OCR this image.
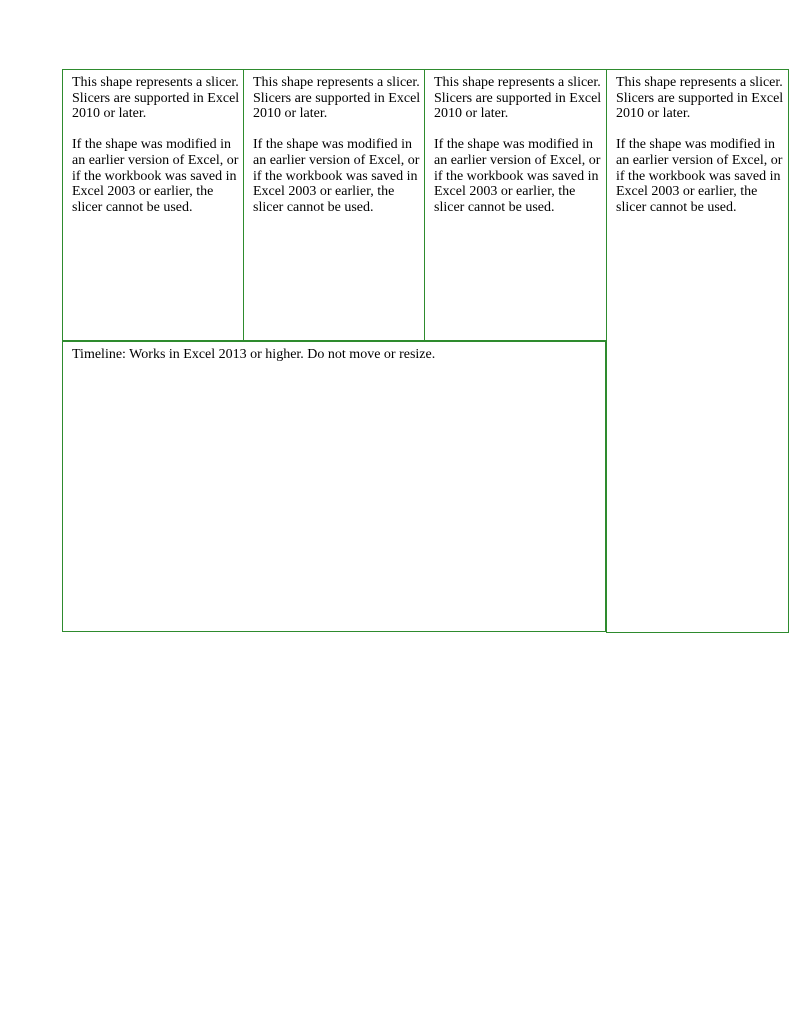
This shape represents a slicer. Slicers are supported in Excel 2010 or later.

If the shape was modified in an earlier version of Excel, or if the workbook was saved in Excel 2003 or earlier, the slicer cannot be used.

This shape represents a slicer. Slicers are supported in Excel 2010 or later.

If the shape was modified in an earlier version of Excel, or if the workbook was saved in Excel 2003 or earlier, the slicer cannot be used.

This shape represents a slicer. Slicers are supported in Excel 2010 or later.

If the shape was modified in an earlier version of Excel, or if the workbook was saved in Excel 2003 or earlier, the slicer cannot be used.

This shape represents a slicer. Slicers are supported in Excel 2010 or later.

If the shape was modified in an earlier version of Excel, or if the workbook was saved in Excel 2003 or earlier, the slicer cannot be used.

Timeline: Works in Excel 2013 or higher. Do not move or resize.
